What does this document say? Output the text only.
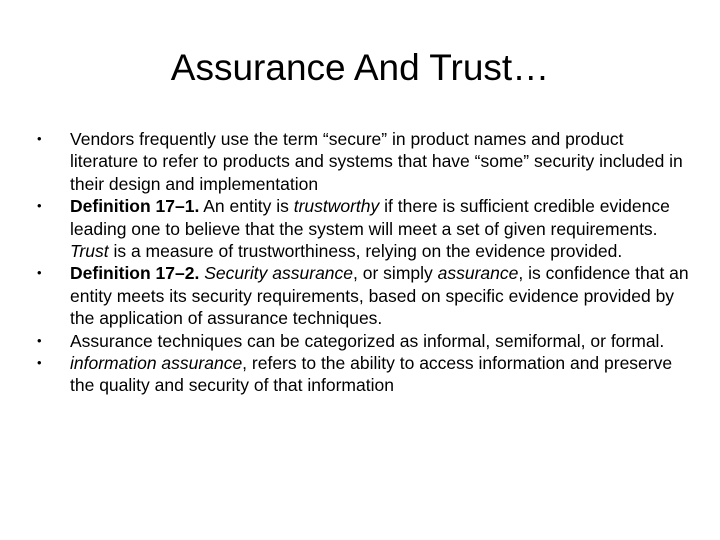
Assurance And Trust…
• Vendors frequently use the term “secure” in product names and product literature to refer to products and systems that have “some” security included in their design and implementation
• Definition 17–1. An entity is trustworthy if there is sufficient credible evidence leading one to believe that the system will meet a set of given requirements. Trust is a measure of trustworthiness, relying on the evidence provided.
• Definition 17–2. Security assurance, or simply assurance, is confidence that an entity meets its security requirements, based on specific evidence provided by the application of assurance techniques.
• Assurance techniques can be categorized as informal, semiformal, or formal.
• information assurance, refers to the ability to access information and preserve the quality and security of that information
